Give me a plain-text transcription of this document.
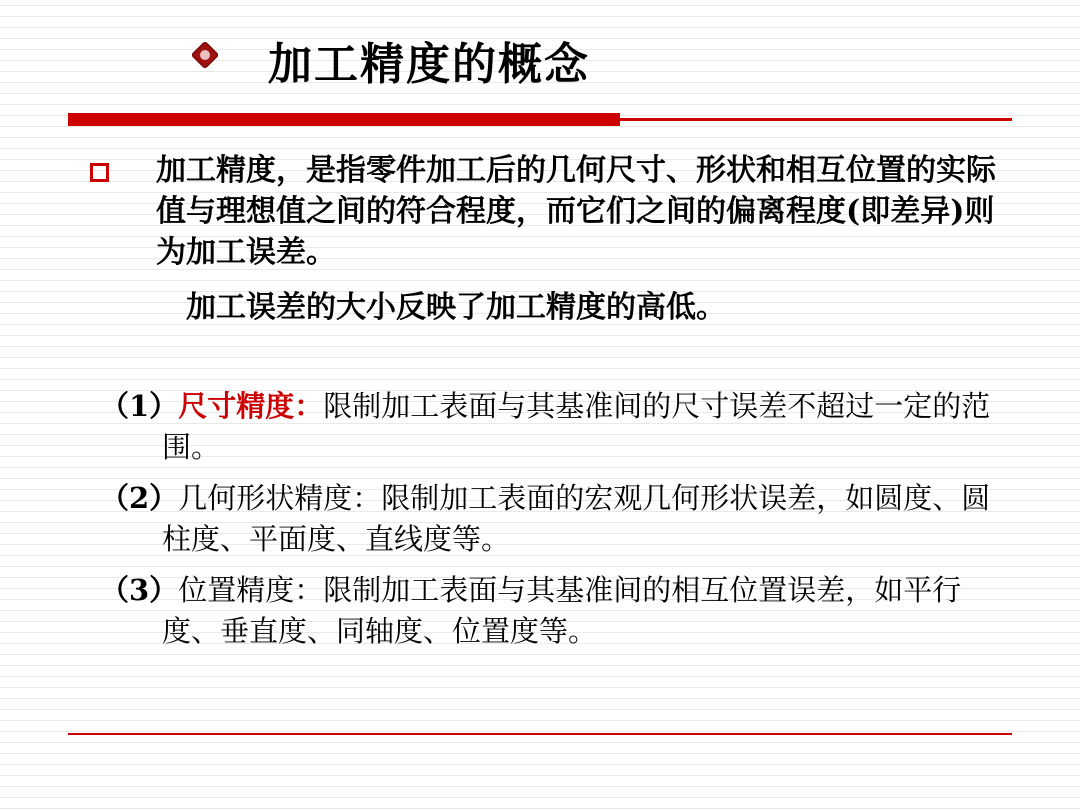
加工精度的概念
加工精度，是指零件加工后的几何尺寸、形状和相互位置的实际值与理想值之间的符合程度，而它们之间的偏离程度(即差异)则为加工误差。
加工误差的大小反映了加工精度的高低。
（1）尺寸精度：限制加工表面与其基准间的尺寸误差不超过一定的范围。
（2）几何形状精度：限制加工表面的宏观几何形状误差，如圆度、圆柱度、平面度、直线度等。
（3）位置精度：限制加工表面与其基准间的相互位置误差，如平行度、垂直度、同轴度、位置度等。
